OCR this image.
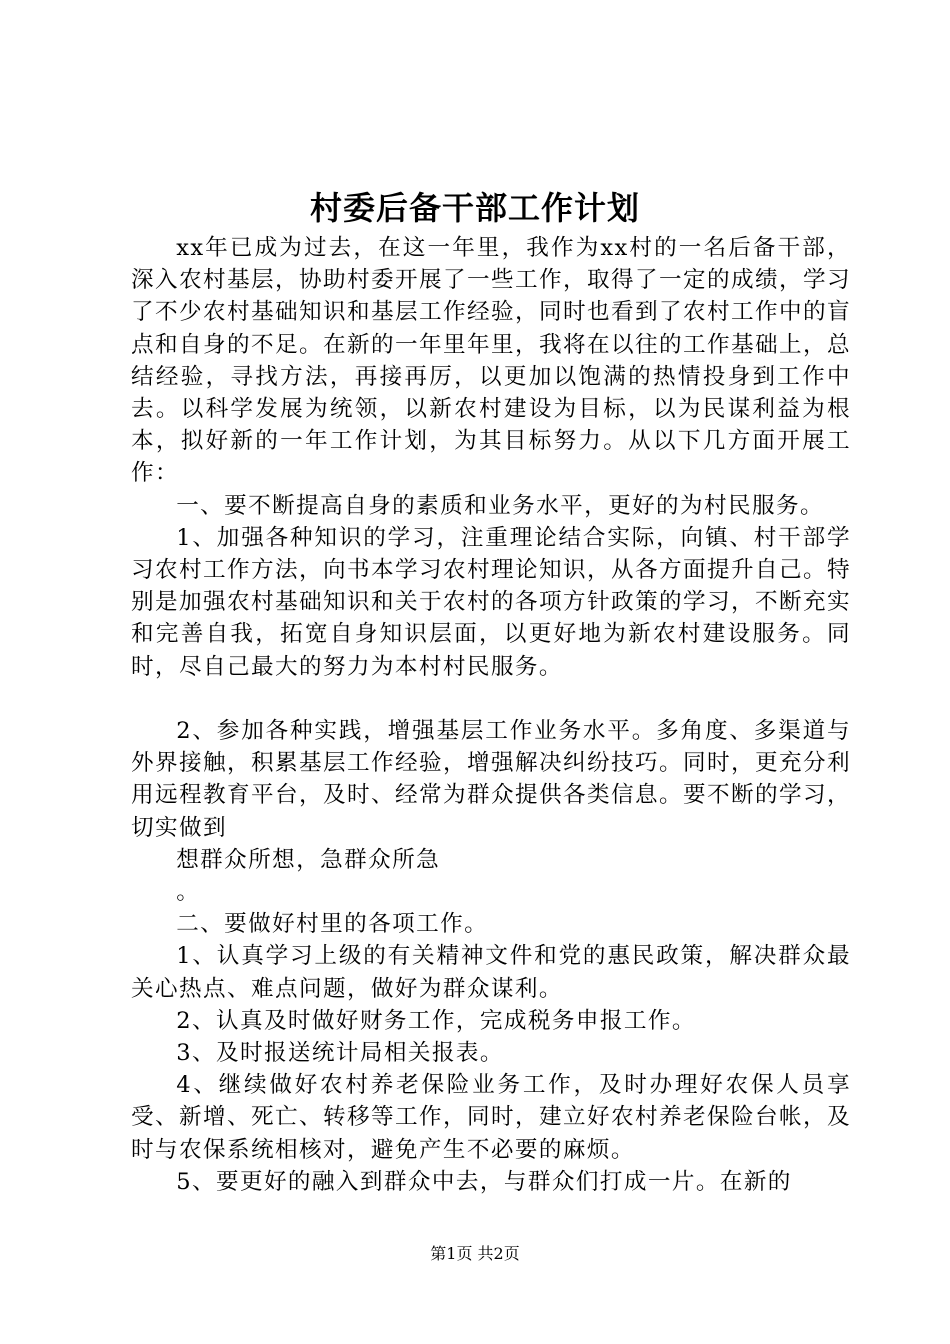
村委后备干部工作计划

xx年已成为过去，在这一年里，我作为xx村的一名后备干部，深入农村基层，协助村委开展了一些工作，取得了一定的成绩，学习了不少农村基础知识和基层工作经验，同时也看到了农村工作中的盲点和自身的不足。在新的一年里年里，我将在以往的工作基础上，总结经验，寻找方法，再接再厉，以更加以饱满的热情投身到工作中去。以科学发展为统领，以新农村建设为目标，以为民谋利益为根本，拟好新的一年工作计划，为其目标努力。从以下几方面开展工作：

一、要不断提高自身的素质和业务水平，更好的为村民服务。

1、加强各种知识的学习，注重理论结合实际，向镇、村干部学习农村工作方法，向书本学习农村理论知识，从各方面提升自己。特别是加强农村基础知识和关于农村的各项方针政策的学习，不断充实和完善自我，拓宽自身知识层面，以更好地为新农村建设服务。同时，尽自己最大的努力为本村村民服务。

2、参加各种实践，增强基层工作业务水平。多角度、多渠道与外界接触，积累基层工作经验，增强解决纠纷技巧。同时，更充分利用远程教育平台，及时、经常为群众提供各类信息。要不断的学习，切实做到

想群众所想，急群众所急

。

二、要做好村里的各项工作。

1、认真学习上级的有关精神文件和党的惠民政策，解决群众最关心热点、难点问题，做好为群众谋利。

2、认真及时做好财务工作，完成税务申报工作。

3、及时报送统计局相关报表。

4、继续做好农村养老保险业务工作，及时办理好农保人员享受、新增、死亡、转移等工作，同时，建立好农村养老保险台帐，及时与农保系统相核对，避免产生不必要的麻烦。

5、要更好的融入到群众中去，与群众们打成一片。在新的

第1页 共2页
